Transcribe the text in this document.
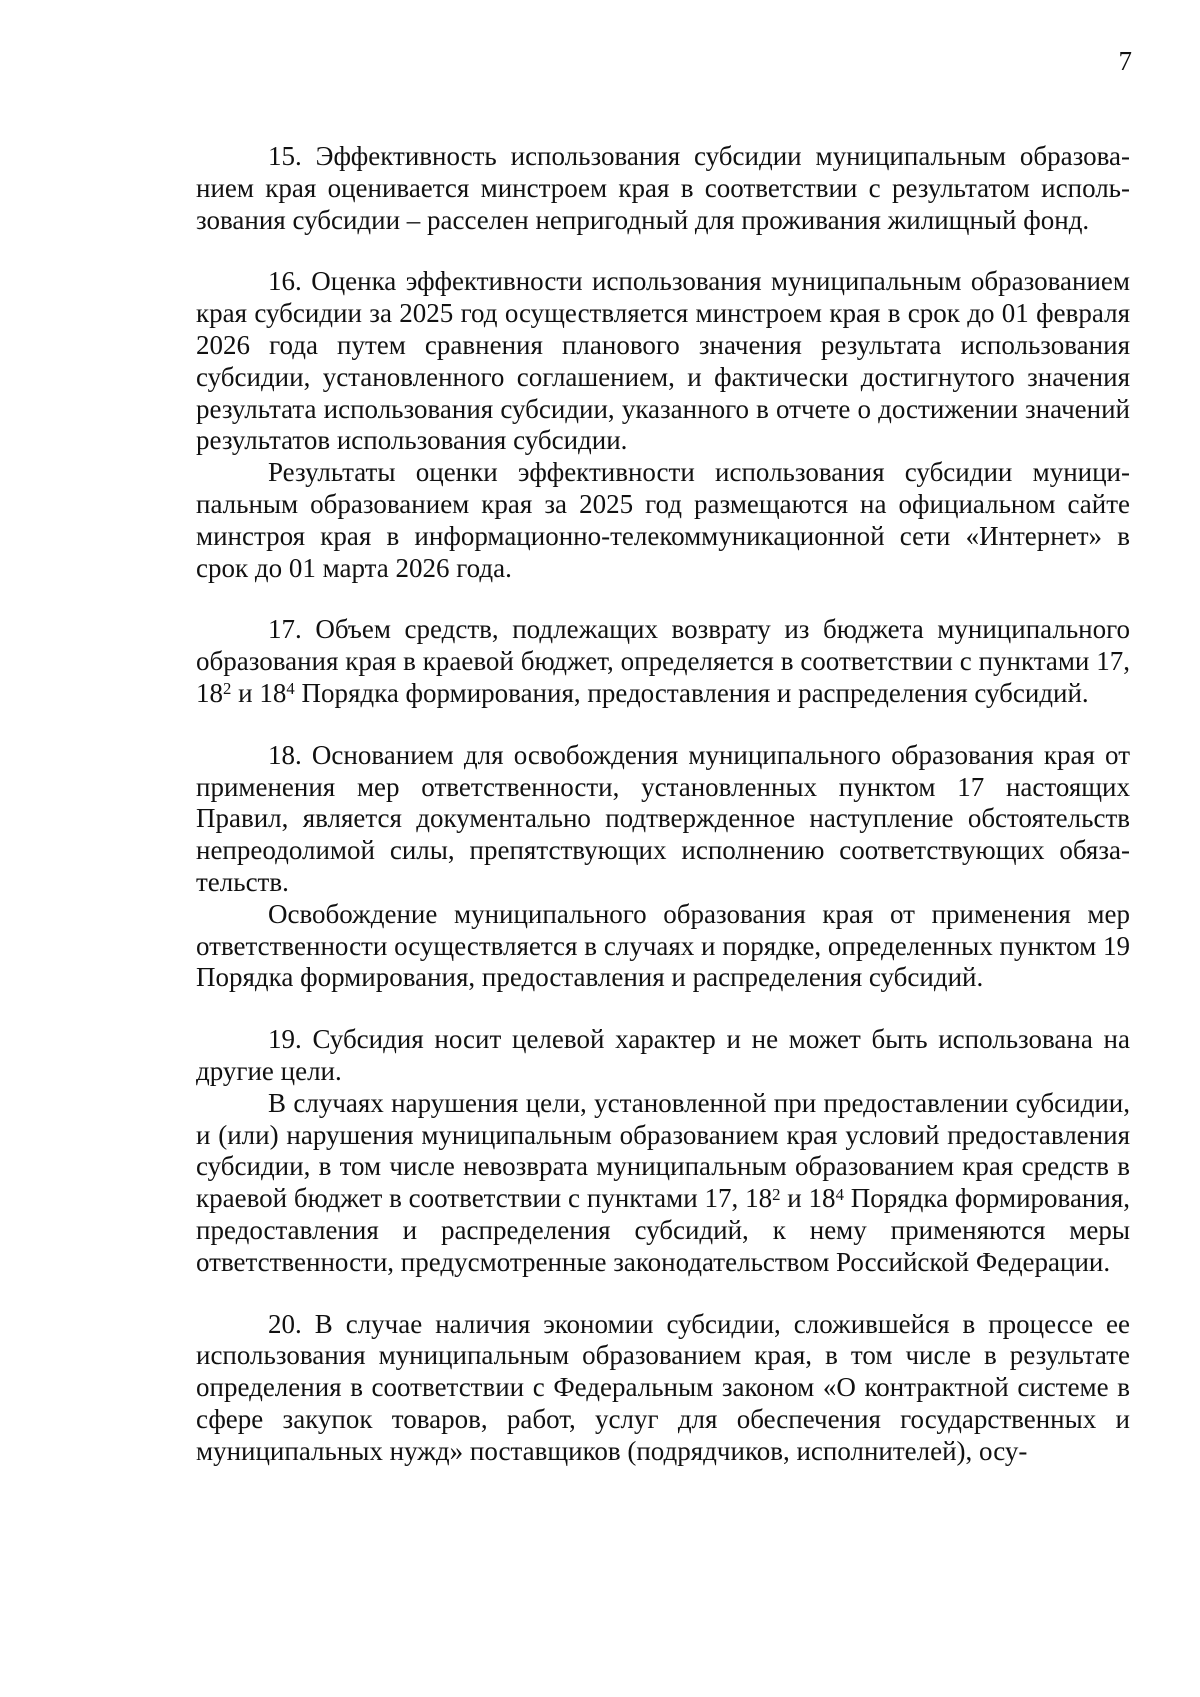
7

15. Эффективность использования субсидии муниципальным образованием края оценивается минстроем края в соответствии с результатом использования субсидии – расселен непригодный для проживания жилищный фонд.

16. Оценка эффективности использования муниципальным образованием края субсидии за 2025 год осуществляется минстроем края в срок до 01 февраля 2026 года путем сравнения планового значения результата использования субсидии, установленного соглашением, и фактически достигнутого значения результата использования субсидии, указанного в отчете о достижении значений результатов использования субсидии.

Результаты оценки эффективности использования субсидии муниципальным образованием края за 2025 год размещаются на официальном сайте минстроя края в информационно-телекоммуникационной сети «Интернет» в срок до 01 марта 2026 года.

17. Объем средств, подлежащих возврату из бюджета муниципального образования края в краевой бюджет, определяется в соответствии с пунктами 17, $18^2$ и $18^4$ Порядка формирования, предоставления и распределения субсидий.

18. Основанием для освобождения муниципального образования края от применения мер ответственности, установленных пунктом 17 настоящих Правил, является документально подтвержденное наступление обстоятельств непреодолимой силы, препятствующих исполнению соответствующих обязательств.

Освобождение муниципального образования края от применения мер ответственности осуществляется в случаях и порядке, определенных пунктом 19 Порядка формирования, предоставления и распределения субсидий.

19. Субсидия носит целевой характер и не может быть использована на другие цели.

В случаях нарушения цели, установленной при предоставлении субсидии, и (или) нарушения муниципальным образованием края условий предоставления субсидии, в том числе невозврата муниципальным образованием края средств в краевой бюджет в соответствии с пунктами 17, $18^2$ и $18^4$ Порядка формирования, предоставления и распределения субсидий, к нему применяются меры ответственности, предусмотренные законодательством Российской Федерации.

20. В случае наличия экономии субсидии, сложившейся в процессе ее использования муниципальным образованием края, в том числе в результате определения в соответствии с Федеральным законом «О контрактной системе в сфере закупок товаров, работ, услуг для обеспечения государственных и муниципальных нужд» поставщиков (подрядчиков, исполнителей), осу-
